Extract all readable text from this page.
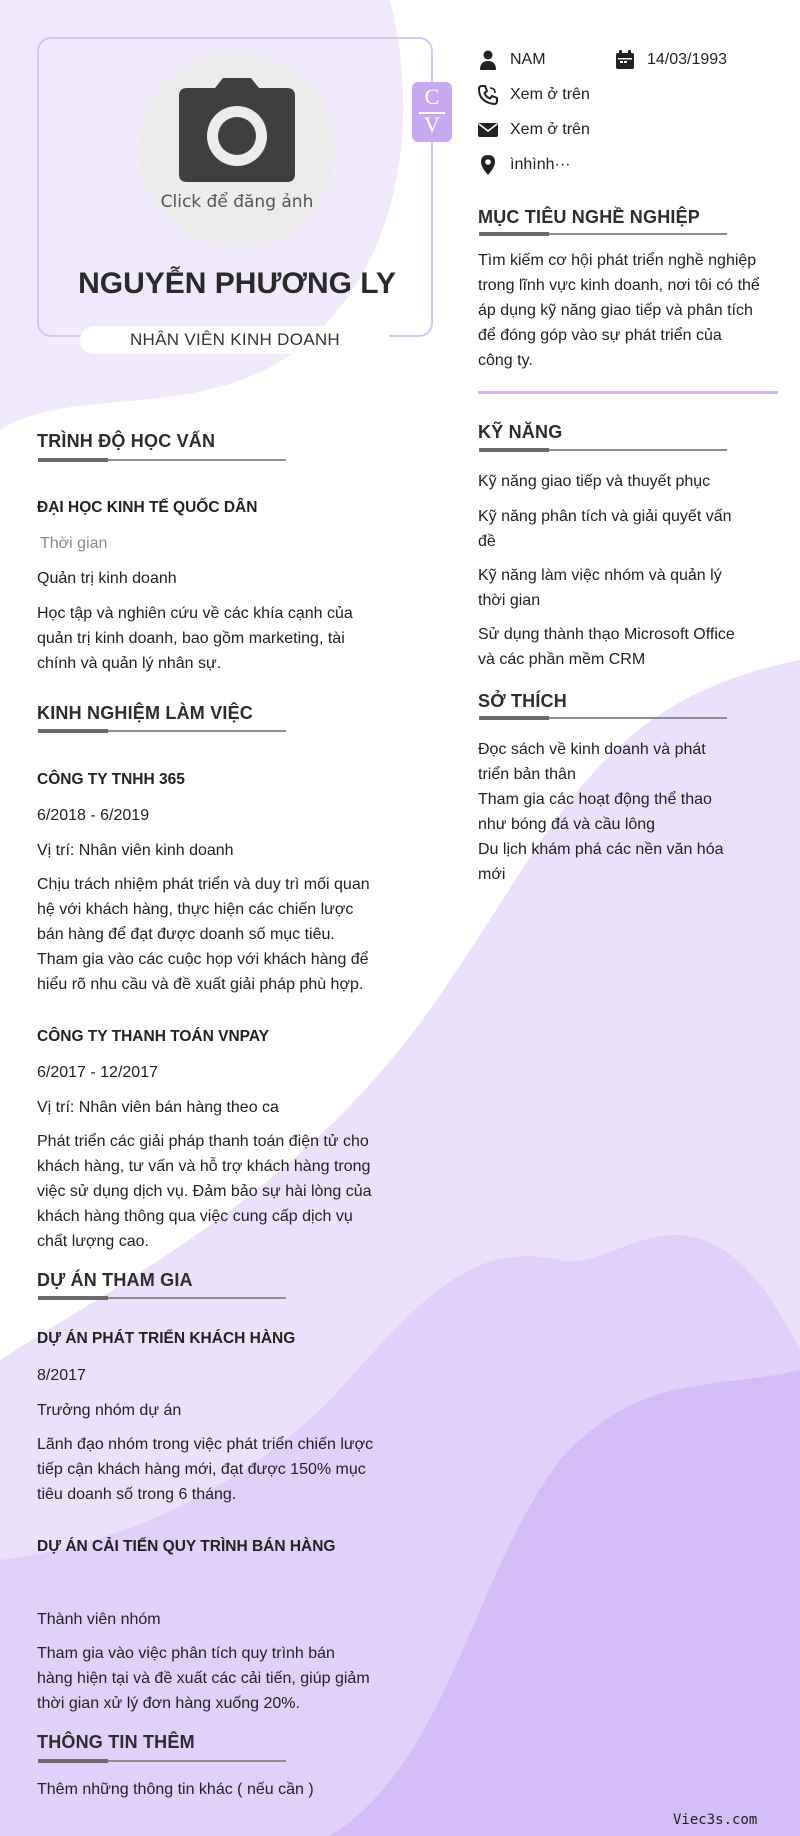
Click để đăng ảnh
NGUYỄN PHƯƠNG LY
NHÂN VIÊN KINH DOANH
C
V
NAM	14/03/1993
Xem ở trên
Xem ở trên
ìnhình···
MỤC TIÊU NGHỀ NGHIỆP
Tìm kiếm cơ hội phát triển nghề nghiệp
trong lĩnh vực kinh doanh, nơi tôi có thể
áp dụng kỹ năng giao tiếp và phân tích
để đóng góp vào sự phát triển của
công ty.
KỸ NĂNG
Kỹ năng giao tiếp và thuyết phục
Kỹ năng phân tích và giải quyết vấn
đề
Kỹ năng làm việc nhóm và quản lý
thời gian
Sử dụng thành thạo Microsoft Office
và các phần mềm CRM
SỞ THÍCH
Đọc sách về kinh doanh và phát
triển bản thân
Tham gia các hoạt động thể thao
như bóng đá và cầu lông
Du lịch khám phá các nền văn hóa
mới
TRÌNH ĐỘ HỌC VẤN
ĐẠI HỌC KINH TẾ QUỐC DÂN
Thời gian
Quản trị kinh doanh
Học tập và nghiên cứu về các khía cạnh của
quản trị kinh doanh, bao gồm marketing, tài
chính và quản lý nhân sự.
KINH NGHIỆM LÀM VIỆC
CÔNG TY TNHH 365
6/2018 - 6/2019
Vị trí: Nhân viên kinh doanh
Chịu trách nhiệm phát triển và duy trì mối quan
hệ với khách hàng, thực hiện các chiến lược
bán hàng để đạt được doanh số mục tiêu.
Tham gia vào các cuộc họp với khách hàng để
hiểu rõ nhu cầu và đề xuất giải pháp phù hợp.
CÔNG TY THANH TOÁN VNPAY
6/2017 - 12/2017
Vị trí: Nhân viên bán hàng theo ca
Phát triển các giải pháp thanh toán điện tử cho
khách hàng, tư vấn và hỗ trợ khách hàng trong
việc sử dụng dịch vụ. Đảm bảo sự hài lòng của
khách hàng thông qua việc cung cấp dịch vụ
chất lượng cao.
DỰ ÁN THAM GIA
DỰ ÁN PHÁT TRIỂN KHÁCH HÀNG
8/2017
Trưởng nhóm dự án
Lãnh đạo nhóm trong việc phát triển chiến lược
tiếp cận khách hàng mới, đạt được 150% mục
tiêu doanh số trong 6 tháng.
DỰ ÁN CẢI TIẾN QUY TRÌNH BÁN HÀNG
Thành viên nhóm
Tham gia vào việc phân tích quy trình bán
hàng hiện tại và đề xuất các cải tiến, giúp giảm
thời gian xử lý đơn hàng xuống 20%.
THÔNG TIN THÊM
Thêm những thông tin khác ( nếu cần )
Viec3s.com
